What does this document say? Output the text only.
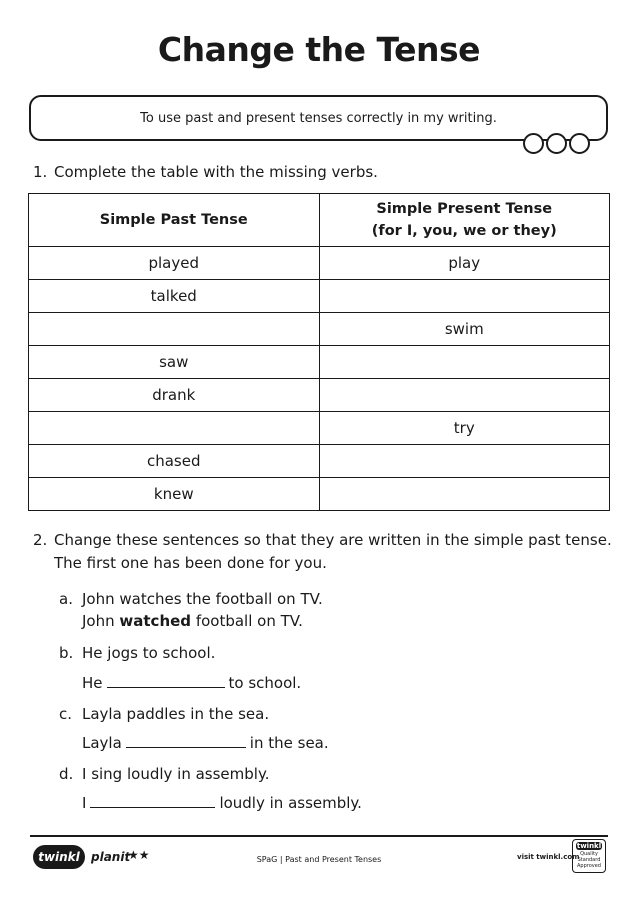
Change the Tense
To use past and present tenses correctly in my writing.
1. Complete the table with the missing verbs.
Simple Past Tense	Simple Present Tense
(for I, you, we or they)
played	play
talked	
	swim
saw	
drank	
	try
chased	
knew	
2. Change these sentences so that they are written in the simple past tense.
The first one has been done for you.
a. John watches the football on TV.
John watched football on TV.
b. He jogs to school.
He	to school.
c. Layla paddles in the sea.
Layla	in the sea.
d. I sing loudly in assembly.
I	loudly in assembly.
twinkl planit
★★	SPaG | Past and Present Tenses	visit twinkl.com
twinkl
Quality Standard Approved
